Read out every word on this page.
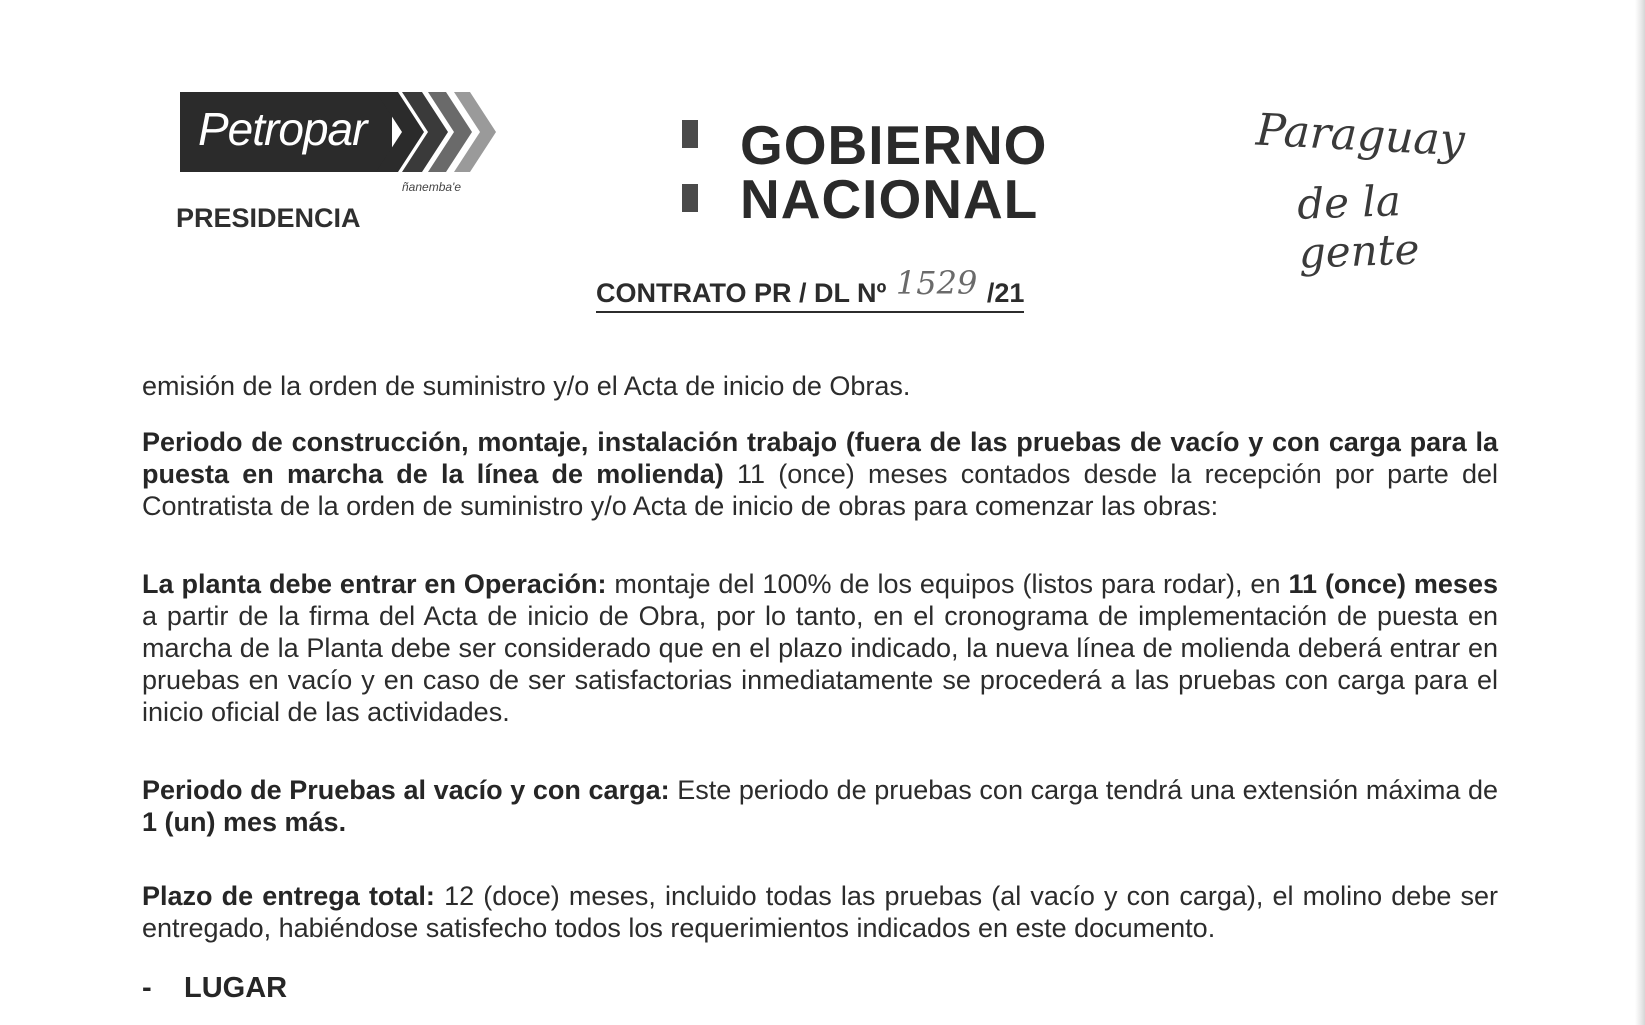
Petropar
ñanemba'e
PRESIDENCIA
GOBIERNO
NACIONAL
Paraguay
de la gente
CONTRATO PR / DL Nº 1529 /21

emisión de la orden de suministro y/o el Acta de inicio de Obras.

Periodo de construcción, montaje, instalación trabajo (fuera de las pruebas de vacío y con carga para la puesta en marcha de la línea de molienda) 11 (once) meses contados desde la recepción por parte del Contratista de la orden de suministro y/o Acta de inicio de obras para comenzar las obras:

La planta debe entrar en Operación: montaje del 100% de los equipos (listos para rodar), en 11 (once) meses a partir de la firma del Acta de inicio de Obra, por lo tanto, en el cronograma de implementación de puesta en marcha de la Planta debe ser considerado que en el plazo indicado, la nueva línea de molienda deberá entrar en pruebas en vacío y en caso de ser satisfactorias inmediatamente se procederá a las pruebas con carga para el inicio oficial de las actividades.

Periodo de Pruebas al vacío y con carga: Este periodo de pruebas con carga tendrá una extensión máxima de 1 (un) mes más.

Plazo de entrega total: 12 (doce) meses, incluido todas las pruebas (al vacío y con carga), el molino debe ser entregado, habiéndose satisfecho todos los requerimientos indicados en este documento.

- LUGAR
